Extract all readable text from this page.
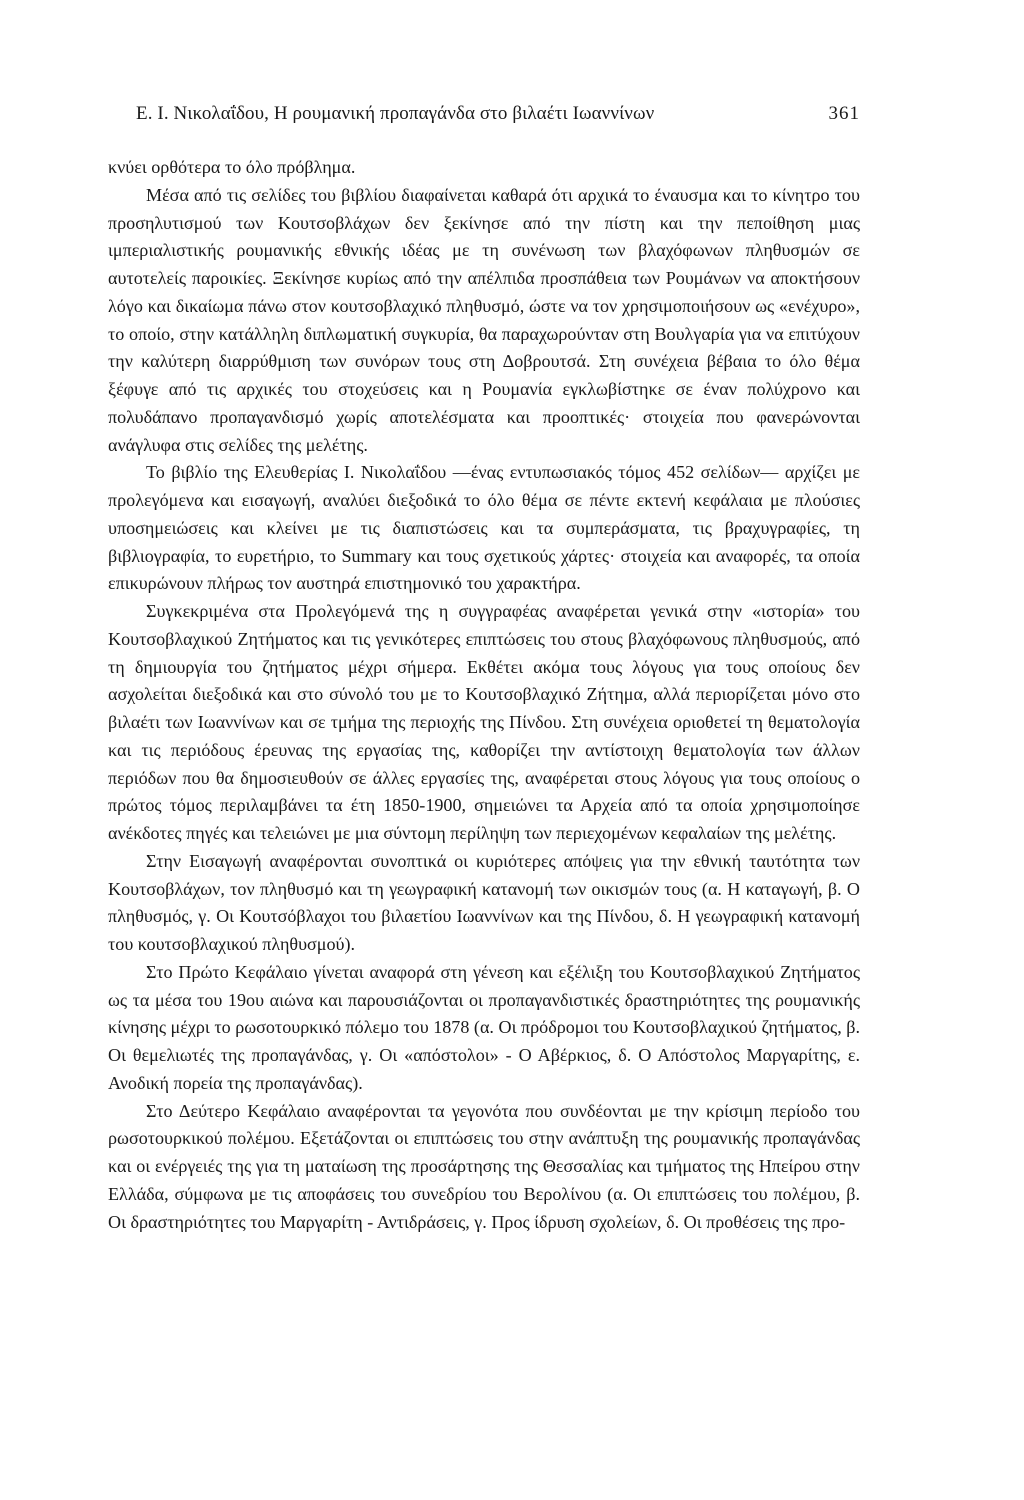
Ε. Ι. Νικολαΐδου, Η ρουμανική προπαγάνδα στο βιλαέτι Ιωαννίνων	361

κνύει ορθότερα το όλο πρόβλημα.

Μέσα από τις σελίδες του βιβλίου διαφαίνεται καθαρά ότι αρχικά το έναυσμα και το κίνητρο του προσηλυτισμού των Κουτσοβλάχων δεν ξεκίνησε από την πίστη και την πεποίθηση μιας ιμπεριαλιστικής ρουμανικής εθνικής ιδέας με τη συνένωση των βλαχόφωνων πληθυσμών σε αυτοτελείς παροικίες. Ξεκίνησε κυρίως από την απέλπιδα προσπάθεια των Ρουμάνων να αποκτήσουν λόγο και δικαίωμα πάνω στον κουτσοβλαχικό πληθυσμό, ώστε να τον χρησιμοποιήσουν ως «ενέχυρο», το οποίο, στην κατάλληλη διπλωματική συγκυρία, θα παραχωρούνταν στη Βουλγαρία για να επιτύχουν την καλύτερη διαρρύθμιση των συνόρων τους στη Δοβρουτσά. Στη συνέχεια βέβαια το όλο θέμα ξέφυγε από τις αρχικές του στοχεύσεις και η Ρουμανία εγκλωβίστηκε σε έναν πολύχρονο και πολυδάπανο προπαγανδισμό χωρίς αποτελέσματα και προοπτικές· στοιχεία που φανερώνονται ανάγλυφα στις σελίδες της μελέτης.

Το βιβλίο της Ελευθερίας Ι. Νικολαΐδου —ένας εντυπωσιακός τόμος 452 σελίδων— αρχίζει με προλεγόμενα και εισαγωγή, αναλύει διεξοδικά το όλο θέμα σε πέντε εκτενή κεφάλαια με πλούσιες υποσημειώσεις και κλείνει με τις διαπιστώσεις και τα συμπεράσματα, τις βραχυγραφίες, τη βιβλιογραφία, το ευρετήριο, το Summary και τους σχετικούς χάρτες· στοιχεία και αναφορές, τα οποία επικυρώνουν πλήρως τον αυστηρά επιστημονικό του χαρακτήρα.

Συγκεκριμένα στα Προλεγόμενά της η συγγραφέας αναφέρεται γενικά στην «ιστορία» του Κουτσοβλαχικού Ζητήματος και τις γενικότερες επιπτώσεις του στους βλαχόφωνους πληθυσμούς, από τη δημιουργία του ζητήματος μέχρι σήμερα. Εκθέτει ακόμα τους λόγους για τους οποίους δεν ασχολείται διεξοδικά και στο σύνολό του με το Κουτσοβλαχικό Ζήτημα, αλλά περιορίζεται μόνο στο βιλαέτι των Ιωαννίνων και σε τμήμα της περιοχής της Πίνδου. Στη συνέχεια οριοθετεί τη θεματολογία και τις περιόδους έρευνας της εργασίας της, καθορίζει την αντίστοιχη θεματολογία των άλλων περιόδων που θα δημοσιευθούν σε άλλες εργασίες της, αναφέρεται στους λόγους για τους οποίους ο πρώτος τόμος περιλαμβάνει τα έτη 1850-1900, σημειώνει τα Αρχεία από τα οποία χρησιμοποίησε ανέκδοτες πηγές και τελειώνει με μια σύντομη περίληψη των περιεχομένων κεφαλαίων της μελέτης.

Στην Εισαγωγή αναφέρονται συνοπτικά οι κυριότερες απόψεις για την εθνική ταυτότητα των Κουτσοβλάχων, τον πληθυσμό και τη γεωγραφική κατανομή των οικισμών τους (α. Η καταγωγή, β. Ο πληθυσμός, γ. Οι Κουτσόβλαχοι του βιλαετίου Ιωαννίνων και της Πίνδου, δ. Η γεωγραφική κατανομή του κουτσοβλαχικού πληθυσμού).

Στο Πρώτο Κεφάλαιο γίνεται αναφορά στη γένεση και εξέλιξη του Κουτσοβλαχικού Ζητήματος ως τα μέσα του 19ου αιώνα και παρουσιάζονται οι προπαγανδιστικές δραστηριότητες της ρουμανικής κίνησης μέχρι το ρωσοτουρκικό πόλεμο του 1878 (α. Οι πρόδρομοι του Κουτσοβλαχικού ζητήματος, β. Οι θεμελιωτές της προπαγάνδας, γ. Οι «απόστολοι» - Ο Αβέρκιος, δ. Ο Απόστολος Μαργαρίτης, ε. Ανοδική πορεία της προπαγάνδας).

Στο Δεύτερο Κεφάλαιο αναφέρονται τα γεγονότα που συνδέονται με την κρίσιμη περίοδο του ρωσοτουρκικού πολέμου. Εξετάζονται οι επιπτώσεις του στην ανάπτυξη της ρουμανικής προπαγάνδας και οι ενέργειές της για τη ματαίωση της προσάρτησης της Θεσσαλίας και τμήματος της Ηπείρου στην Ελλάδα, σύμφωνα με τις αποφάσεις του συνεδρίου του Βερολίνου (α. Οι επιπτώσεις του πολέμου, β. Οι δραστηριότητες του Μαργαρίτη - Αντιδράσεις, γ. Προς ίδρυση σχολείων, δ. Οι προθέσεις της προ-
